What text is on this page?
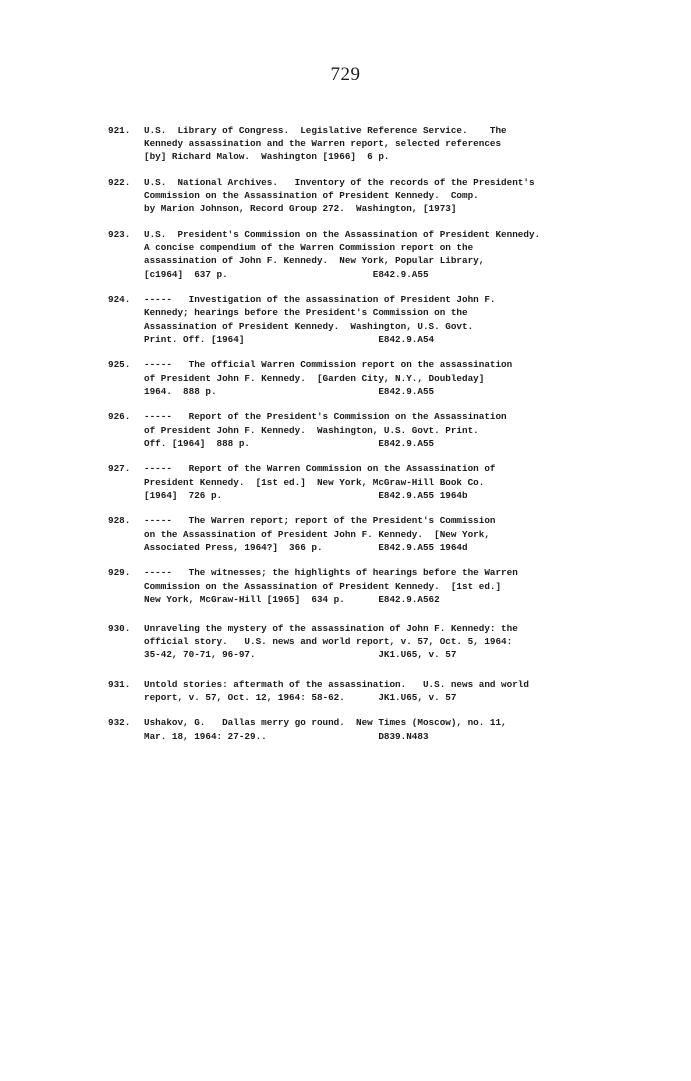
729
921. U.S.  Library of Congress.  Legislative Reference Service.    The
Kennedy assassination and the Warren report, selected references
[by] Richard Malow.  Washington [1966]  6 p.
922. U.S.  National Archives.   Inventory of the records of the President's
Commission on the Assassination of President Kennedy.  Comp.
by Marion Johnson, Record Group 272.  Washington, [1973]
923. U.S.  President's Commission on the Assassination of President Kennedy.
A concise compendium of the Warren Commission report on the
assassination of John F. Kennedy.  New York, Popular Library,
[c1964]  637 p.                          E842.9.A55
924. -----   Investigation of the assassination of President John F.
Kennedy; hearings before the President's Commission on the
Assassination of President Kennedy.  Washington, U.S. Govt.
Print. Off. [1964]                        E842.9.A54
925. -----   The official Warren Commission report on the assassination
of President John F. Kennedy.  [Garden City, N.Y., Doubleday]
1964.  888 p.                             E842.9.A55
926. -----   Report of the President's Commission on the Assassination
of President John F. Kennedy.  Washington, U.S. Govt. Print.
Off. [1964]  888 p.                       E842.9.A55
927. -----   Report of the Warren Commission on the Assassination of
President Kennedy.  [1st ed.]  New York, McGraw-Hill Book Co.
[1964]  726 p.                            E842.9.A55 1964b
928. -----   The Warren report; report of the President's Commission
on the Assassination of President John F. Kennedy.  [New York,
Associated Press, 1964?]  366 p.          E842.9.A55 1964d
929. -----   The witnesses; the highlights of hearings before the Warren
Commission on the Assassination of President Kennedy.  [1st ed.]
New York, McGraw-Hill [1965]  634 p.      E842.9.A562
930. Unraveling the mystery of the assassination of John F. Kennedy: the
official story.   U.S. news and world report, v. 57, Oct. 5, 1964:
35-42, 70-71, 96-97.                      JK1.U65, v. 57
931. Untold stories: aftermath of the assassination.   U.S. news and world
report, v. 57, Oct. 12, 1964: 58-62.      JK1.U65, v. 57
932. Ushakov, G.   Dallas merry go round.  New Times (Moscow), no. 11,
Mar. 18, 1964: 27-29..                    D839.N483
